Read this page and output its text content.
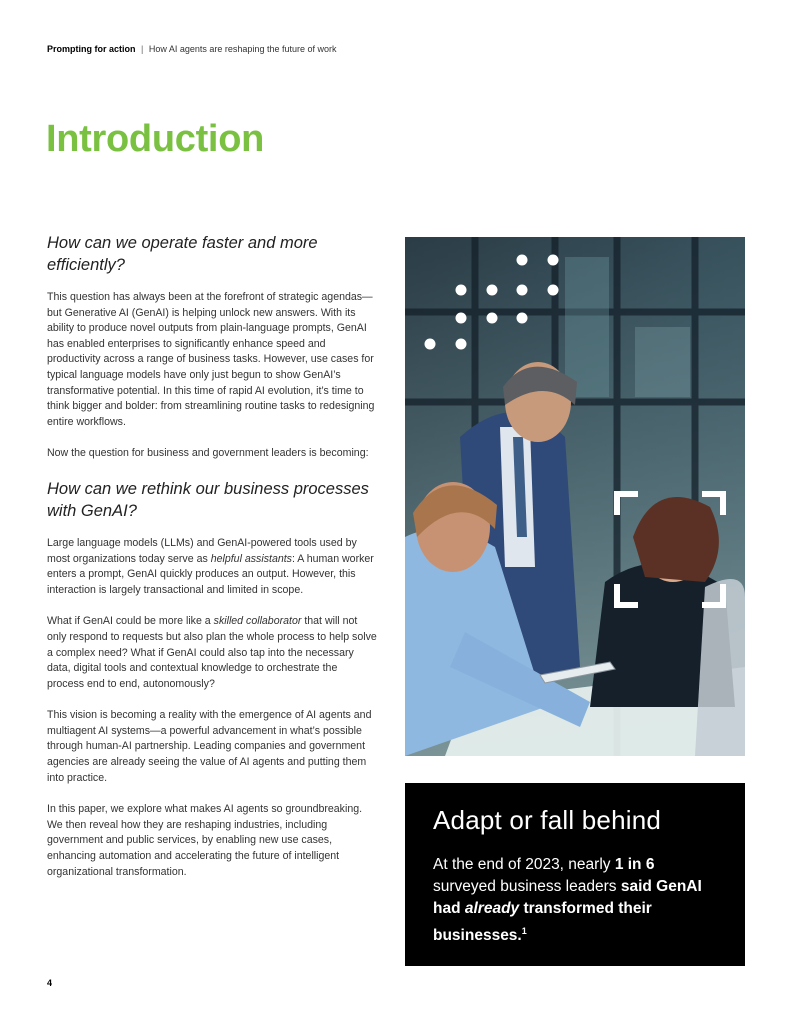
Prompting for action | How AI agents are reshaping the future of work
Introduction
How can we operate faster and more efficiently?

This question has always been at the forefront of strategic agendas—but Generative AI (GenAI) is helping unlock new answers. With its ability to produce novel outputs from plain-language prompts, GenAI has enabled enterprises to significantly enhance speed and productivity across a range of business tasks. However, use cases for typical language models have only just begun to show GenAI’s transformative potential. In this time of rapid AI evolution, it’s time to think bigger and bolder: from streamlining routine tasks to redesigning entire workflows.

Now the question for business and government leaders is becoming:

How can we rethink our business processes with GenAI?

Large language models (LLMs) and GenAI-powered tools used by most organizations today serve as helpful assistants: A human worker enters a prompt, GenAI quickly produces an output. However, this interaction is largely transactional and limited in scope.

What if GenAI could be more like a skilled collaborator that will not only respond to requests but also plan the whole process to help solve a complex need? What if GenAI could also tap into the necessary data, digital tools and contextual knowledge to orchestrate the process end to end, autonomously?

This vision is becoming a reality with the emergence of AI agents and multiagent AI systems—a powerful advancement in what’s possible through human-AI partnership. Leading companies and government agencies are already seeing the value of AI agents and putting them into practice.

In this paper, we explore what makes AI agents so groundbreaking. We then reveal how they are reshaping industries, including government and public services, by enabling new use cases, enhancing automation and accelerating the future of intelligent organizational transformation.

Adapt or fall behind

At the end of 2023, nearly 1 in 6 surveyed business leaders said GenAI had already transformed their businesses.$^1$

4
